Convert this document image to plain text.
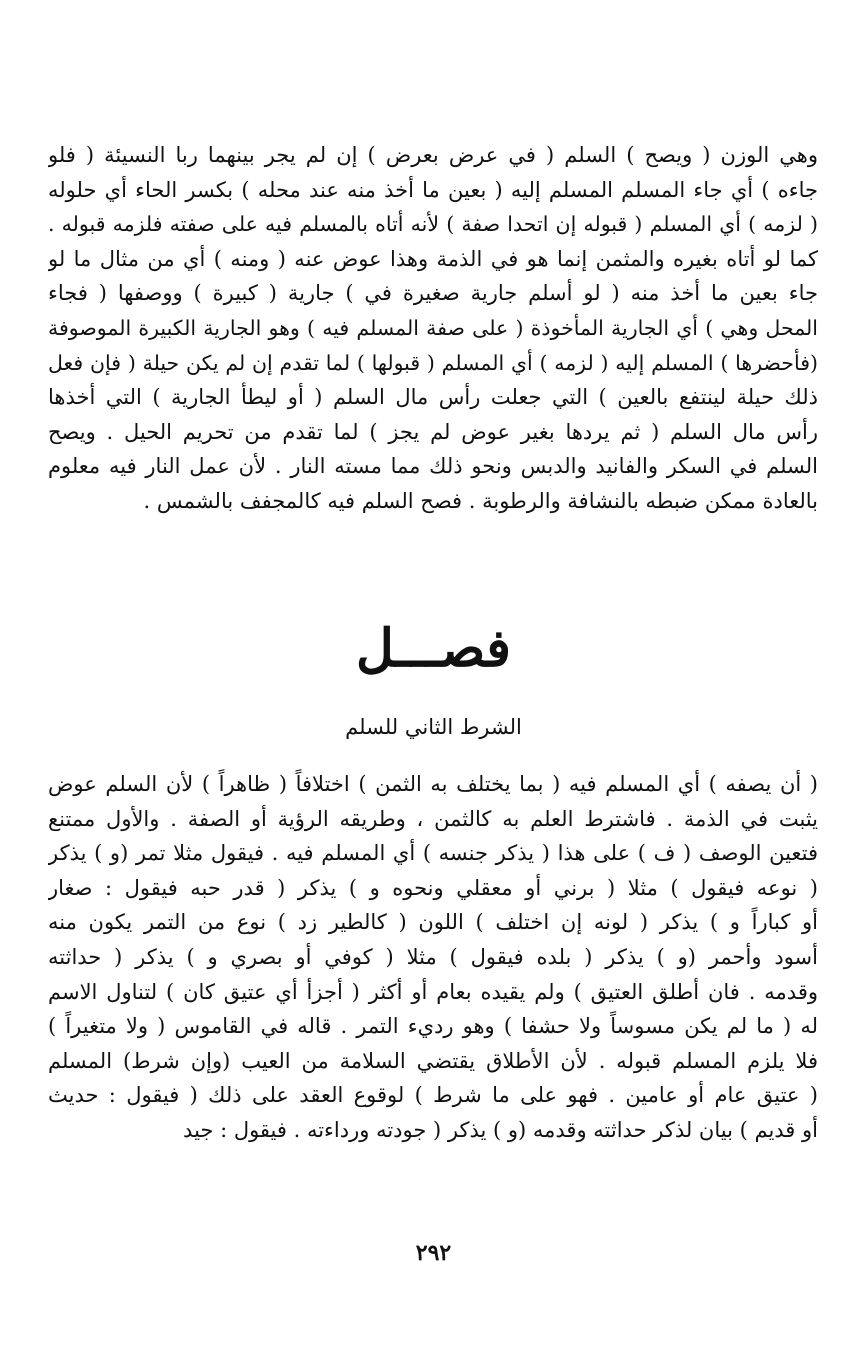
وهي الوزن ( ويصح ) السلم ( في عرض بعرض ) إن لم يجر بينهما ربا النسيئة ( فلو
جاءه ) أي جاء المسلم المسلم إليه ( بعين ما أخذ منه عند محله ) بكسر الحاء أي حلوله
( لزمه ) أي المسلم ( قبوله إن اتحدا صفة ) لأنه أتاه بالمسلم فيه على صفته فلزمه قبوله .
كما لو أتاه بغيره والمثمن إنما هو في الذمة وهذا عوض عنه ( ومنه ) أي من مثال ما لو
جاء بعين ما أخذ منه ( لو أسلم جارية صغيرة في ) جارية ( كبيرة ) ووصفها ( فجاء
المحل وهي ) أي الجارية المأخوذة ( على صفة المسلم فيه ) وهو الجارية الكبيرة الموصوفة
(فأحضرها ) المسلم إليه ( لزمه ) أي المسلم ( قبولها ) لما تقدم إن لم يكن حيلة ( فإن فعل
ذلك حيلة لينتفع بالعين ) التي جعلت رأس مال السلم ( أو ليطأ الجارية ) التي أخذها
رأس مال السلم ( ثم يردها بغير عوض لم يجز ) لما تقدم من تحريم الحيل . ويصح
السلم في السكر والفانيد والدبس ونحو ذلك مما مسته النار . لأن عمل النار فيه معلوم
بالعادة ممكن ضبطه بالنشافة والرطوبة . فصح السلم فيه كالمجفف بالشمس .
فصـــل
الشرط الثاني للسلم
( أن يصفه ) أي المسلم فيه ( بما يختلف به الثمن ) اختلافاً ( ظاهراً ) لأن السلم عوض
يثبت في الذمة . فاشترط العلم به كالثمن ، وطريقه الرؤية أو الصفة . والأول ممتنع
فتعين الوصف ( ف ) على هذا ( يذكر جنسه ) أي المسلم فيه . فيقول مثلا تمر (و ) يذكر
( نوعه فيقول ) مثلا ( برني أو معقلي ونحوه و ) يذكر ( قدر حبه فيقول : صغار
أو كباراً و ) يذكر ( لونه إن اختلف ) اللون ( كالطير زد ) نوع من التمر يكون منه
أسود وأحمر (و ) يذكر ( بلده فيقول ) مثلا ( كوفي أو بصري و ) يذكر ( حداثته
وقدمه . فان أطلق العتيق ) ولم يقيده بعام أو أكثر ( أجزأ أي عتيق كان ) لتناول الاسم
له ( ما لم يكن مسوساً ولا حشفا ) وهو رديء التمر . قاله في القاموس ( ولا متغيراً )
فلا يلزم المسلم قبوله . لأن الأطلاق يقتضي السلامة من العيب (وإن شرط) المسلم
( عتيق عام أو عامين . فهو على ما شرط ) لوقوع العقد على ذلك ( فيقول : حديث
أو قديم ) بيان لذكر حداثته وقدمه (و ) يذكر ( جودته ورداءته . فيقول : جيد
٢٩٢
